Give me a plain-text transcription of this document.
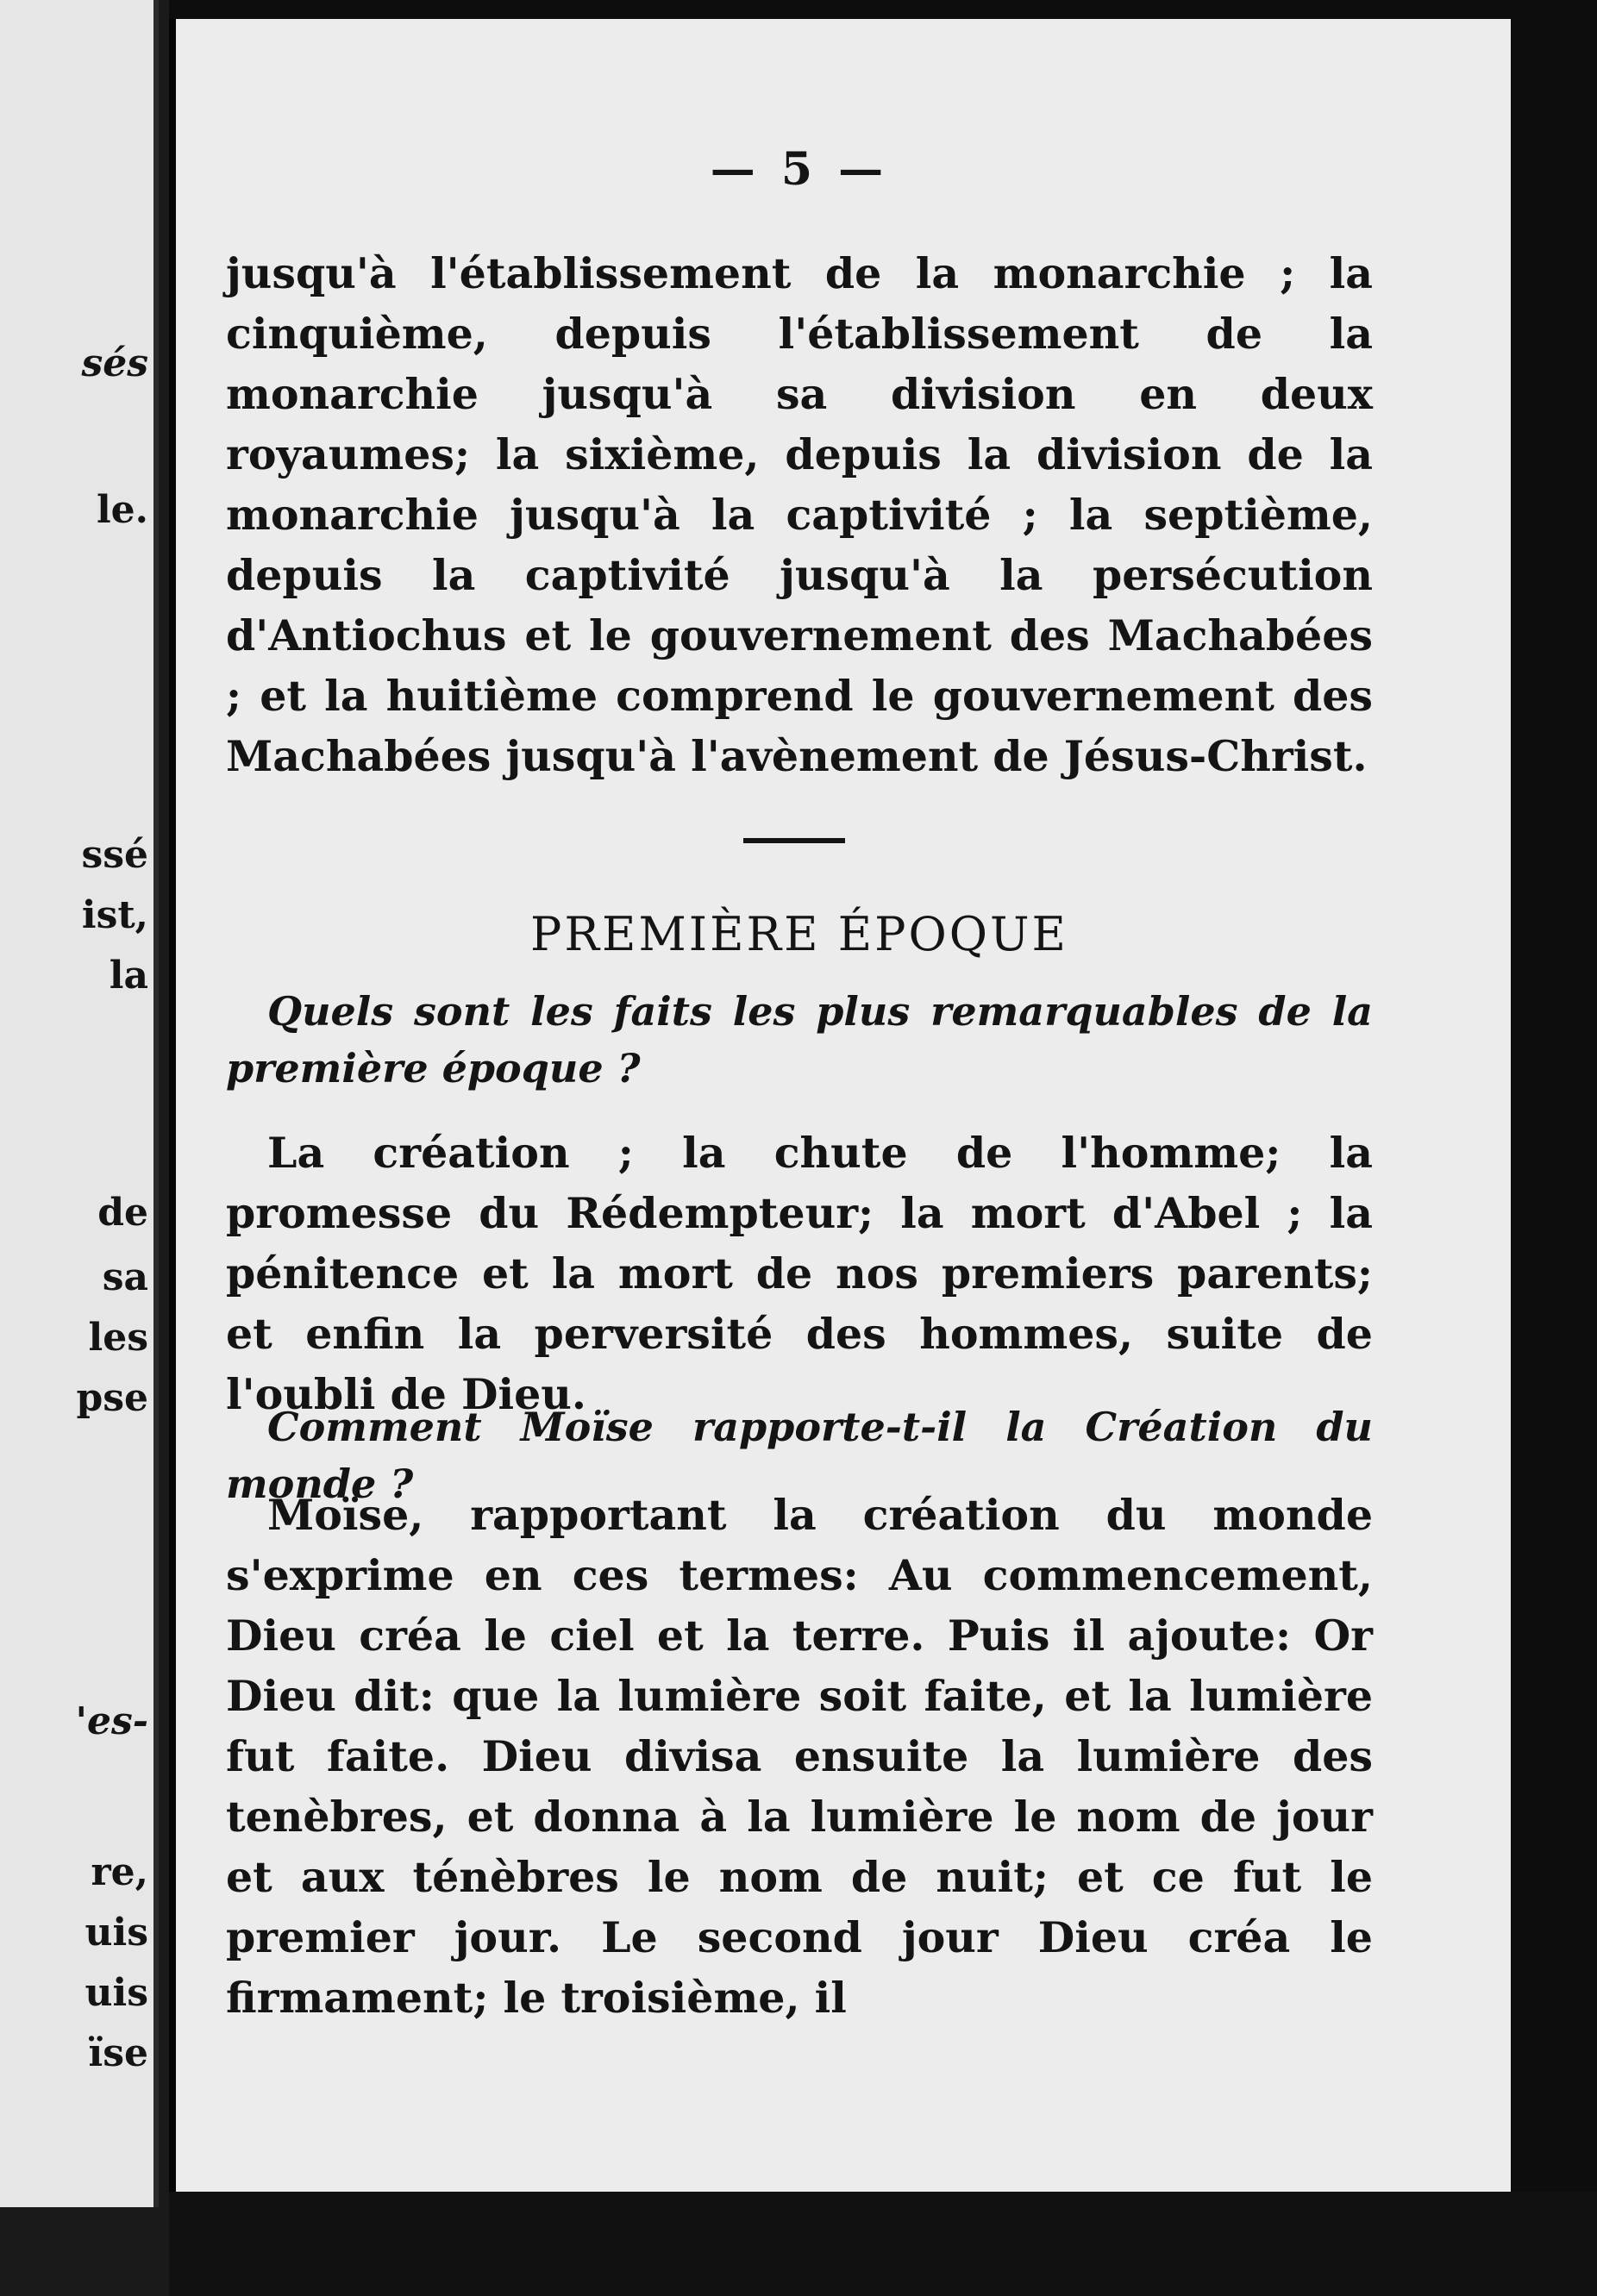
sés
le.
ssé
ist,
la
de
sa
les
pse
'es-
re,
uis
uis
ïse
— 5 —

jusqu'à l'établissement de la monarchie ; la cinquième, depuis l'établissement de la monarchie jusqu'à sa division en deux royaumes; la sixième, depuis la division de la monarchie jusqu'à la captivité ; la septième, depuis la captivité jusqu'à la persécution d'Antiochus et le gouvernement des Machabées ; et la huitième comprend le gouvernement des Machabées jusqu'à l'avènement de Jésus-Christ.

PREMIÈRE ÉPOQUE
Quels sont les faits les plus remarquables de la première époque ?

La création ; la chute de l'homme; la promesse du Rédempteur; la mort d'Abel ; la pénitence et la mort de nos premiers parents; et enfin la perversité des hommes, suite de l'oubli de Dieu.

Comment Moïse rapporte-t-il la Création du monde ?

Moïse, rapportant la création du monde s'exprime en ces termes: Au commencement, Dieu créa le ciel et la terre. Puis il ajoute: Or Dieu dit: que la lumière soit faite, et la lumière fut faite. Dieu divisa ensuite la lumière des tenèbres, et donna à la lumière le nom de jour et aux ténèbres le nom de nuit; et ce fut le premier jour. Le second jour Dieu créa le firmament; le troisième, il
